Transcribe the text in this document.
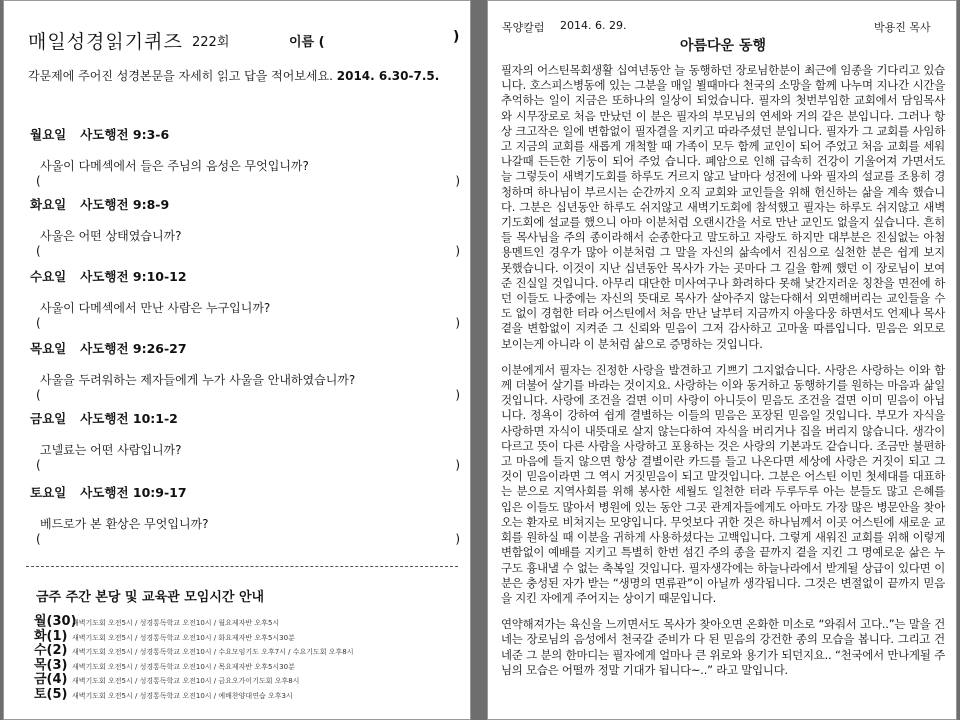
매일성경읽기퀴즈 222회	이름 (	)
각문제에 주어진 성경본문을 자세히 읽고 답을 적어보세요. 2014. 6.30-7.5.
월요일 사도행전 9:3-6
사울이 다메섹에서 들은 주님의 음성은 무엇입니까?
(	)
화요일 사도행전 9:8-9
사울은 어떤 상태였습니까?
(	)
수요일 사도행전 9:10-12
사울이 다메섹에서 만난 사람은 누구입니까?
(	)
목요일 사도행전 9:26-27
사울을 두려워하는 제자들에게 누가 사울을 안내하였습니까?
(	)
금요일 사도행전 10:1-2
고넬료는 어떤 사람입니까?
(	)
토요일 사도행전 10:9-17
베드로가 본 환상은 무엇입니까?
(	)
금주 주간 본당 및 교육관 모임시간 안내
월(30)새벽기도회 오전5시 / 성경통독학교 오전10시 / 월요제자반 오후5시
화(1) 새벽기도회 오전5시 / 성경통독학교 오전10시 / 화요제자반 오후5시30분
수(2) 새벽기도회 오전5시 / 성경통독학교 오전10시 / 수요모임기도 오후7시 / 수요기도회 오후8시
목(3) 새벽기도회 오전5시 / 성경통독학교 오전10시 / 목요제자반 오후5시30분
금(4) 새벽기도회 오전5시 / 성경통독학교 오전10시 / 금요오가이기도회 오후8시
토(5) 새벽기도회 오전5시 / 성경통독학교 오전10시 / 예배찬양대연습 오후3시
목양칼럼 2014. 6. 29.	박용진 목사
아름다운 동행

필자의 어스틴목회생활 십여년동안 늘 동행하던 장로님한분이 최근에 임종을 기다리고 있습니다. 호스피스병동에 있는 그분을 매일 뵐때마다 천국의 소망을 함께 나누며 지나간 시간을 추억하는 일이 지금은 또하나의 일상이 되었습니다. 필자의 첫번부임한 교회에서 담임목사와 시무장로로 처음 만났던 이 분은 필자의 부모님의 연세와 거의 같은 분입니다. 그러나 항상 크고작은 일에 변함없이 필자결을 지키고 따라주셨던 분입니다. 필자가 그 교회를 사임하고 지금의 교회를 새롭게 개척할 때 가족이 모두 함께 교인이 되어 주었고 처음 교회를 세워나갈때 든든한 기둥이 되어 주었 습니다. 폐암으로 인해 급속히 건강이 기울어져 가면서도 늘 그렇듯이 새벽기도회를 하루도 거르지 않고 날마다 성전에 나와 필자의 설교를 조용히 경청하며 하나님이 부르시는 순간까지 오직 교회와 교인들을 위해 헌신하는 삶을 계속 했습니다. 그분은 십년동안 하루도 쉬지않고 새벽기도회에 참석했고 필자는 하루도 쉬지않고 새벽기도회에 설교를 했으니 아마 이분처럼 오랜시간을 서로 만난 교인도 없을지 싶습니다. 흔히들 목사님을 주의 종이라해서 순종한다고 말도하고 자랑도 하지만 대부분은 진심없는 아첨용멘트인 경우가 많아 이분처럼 그 말을 자신의 삶속에서 진심으로 실천한 분은 쉽게 보지 못했습니다. 이것이 지난 십년동안 목사가 가는 곳마다 그 길을 함께 했던 이 장로님이 보여준 진실일 것입니다. 아무리 대단한 미사여구나 화려하다 못해 낯간지러운 칭찬을 면전에 하던 이들도 나중에는 자신의 뜻대로 목사가 살아주지 않는다해서 외면해버리는 교인들을 수도 없이 경험한 터라 어스틴에서 처음 만난 날부터 지금까지 아울다웅 하면서도 언제나 목사곁을 변함없이 지켜준 그 신뢰와 믿음이 그저 감사하고 고마울 따름입니다. 믿음은 외모로 보이는게 아니라 이 분처럼 삶으로 증명하는 것입니다.

이분에게서 필자는 진정한 사랑을 발견하고 기쁘기 그지없습니다. 사랑은 사랑하는 이와 함께 더불어 살기를 바라는 것이지요. 사랑하는 이와 동거하고 동행하기를 원하는 마음과 삶일 것입니다. 사랑에 조건을 걸면 이미 사랑이 아니듯이 믿음도 조건을 걸면 이미 믿음이 아닙니다. 정욕이 강하여 쉽게 결별하는 이들의 믿음은 포장된 믿음일 것입니다. 부모가 자식을 사랑하면 자식이 내뜻대로 살지 않는다하여 자식을 버리거나 집을 버리지 않습니다. 생각이 다르고 뜻이 다른 사람을 사랑하고 포용하는 것은 사랑의 기본과도 같습니다. 조금만 불편하고 마음에 들지 않으면 항상 결별이란 카드를 들고 나온다면 세상에 사랑은 거짓이 되고 그것이 믿음이라면 그 역시 거짓믿음이 되고 말것입니다. 그분은 어스틴 이민 첫세대를 대표하는 분으로 지역사회를 위해 봉사한 세월도 일천한 터라 두루두루 아는 분들도 많고 은혜를 입은 이들도 많아서 병원에 있는 동안 그곳 관계자들에게도 아마도 가장 많은 병문안을 찾아오는 환자로 비쳐지는 모양입니다. 무엇보다 귀한 것은 하나님께서 이곳 어스틴에 새로운 교회를 원하실 때 이분을 귀하게 사용하셨다는 고백입니다. 그렇게 새워진 교회를 위해 이렇게 변함없이 예배를 지키고 특별히 한번 섬긴 주의 종을 끝까지 곁을 지킨 그 명예로운 삶은 누구도 흉내낼 수 없는 축복일 것입니다. 필자생각에는 하늘나라에서 받게될 상급이 있다면 이 분은 충성된 자가 받는 “생명의 면류관”이 아닐까 생각됩니다. 그것은 변절없이 끝까지 믿음을 지킨 자에게 주어지는 상이기 때문입니다.

연약해져가는 육신을 느끼면서도 목사가 찾아오면 온화한 미소로 “와줘서 고다..”는 말을 건네는 장로님의 음성에서 천국갈 준비가 다 된 믿음의 강건한 종의 모습을 봅니다. 그리고 건네준 그 분의 한마디는 필자에게 얼마나 큰 위로와 용기가 되던지요.. “천국에서 만나게될 주님의 모습은 어떨까 정말 기대가 됩니다~..” 라고 말입니다.
